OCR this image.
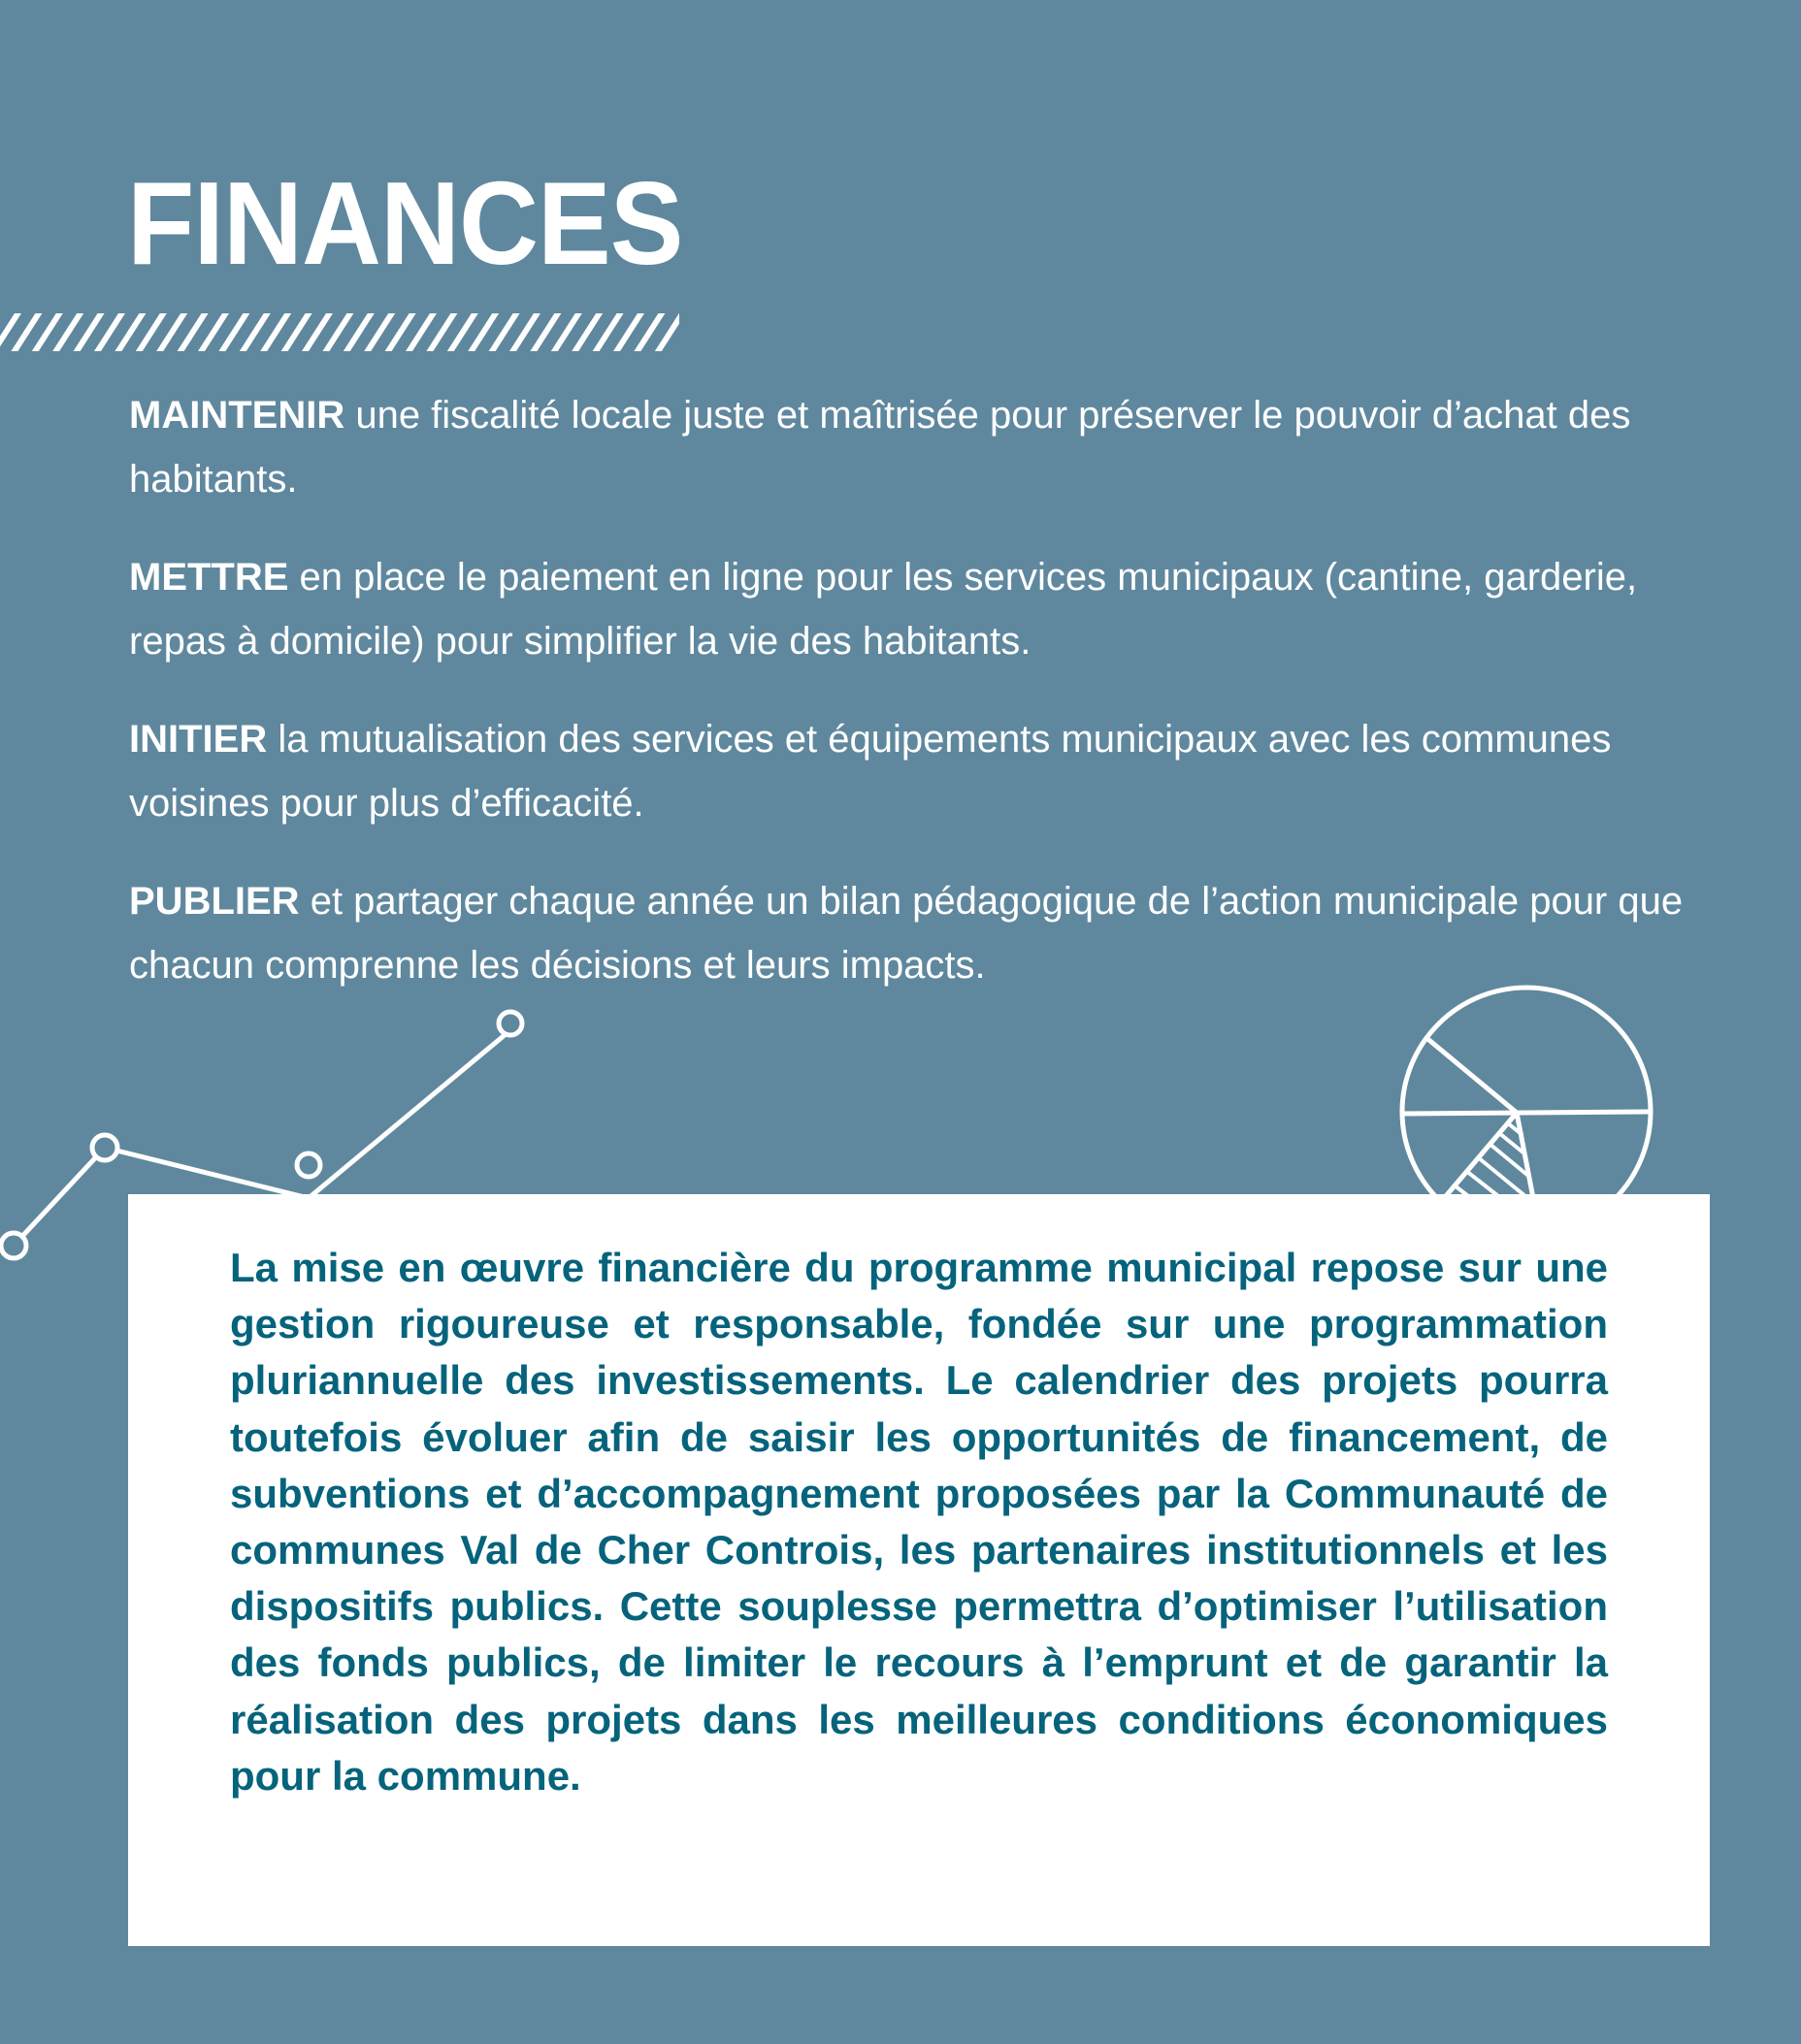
FINANCES

MAINTENIR une fiscalité locale juste et maîtrisée pour préserver le pouvoir d’achat des habitants.

METTRE en place le paiement en ligne pour les services municipaux (cantine, garderie, repas à domicile) pour simplifier la vie des habitants.

INITIER la mutualisation des services et équipements municipaux avec les communes voisines pour plus d’efficacité.

PUBLIER et partager chaque année un bilan pédagogique de l’action municipale pour que chacun comprenne les décisions et leurs impacts.

La mise en œuvre financière du programme municipal repose sur une gestion rigoureuse et responsable, fondée sur une programmation pluriannuelle des investissements. Le calendrier des projets pourra toutefois évoluer afin de saisir les opportunités de financement, de subventions et d’accompagnement proposées par la Communauté de communes Val de Cher Controis, les partenaires institutionnels et les dispositifs publics. Cette souplesse permettra d’optimiser l’utilisation des fonds publics, de limiter le recours à l’emprunt et de garantir la réalisation des projets dans les meilleures conditions économiques pour la commune.
